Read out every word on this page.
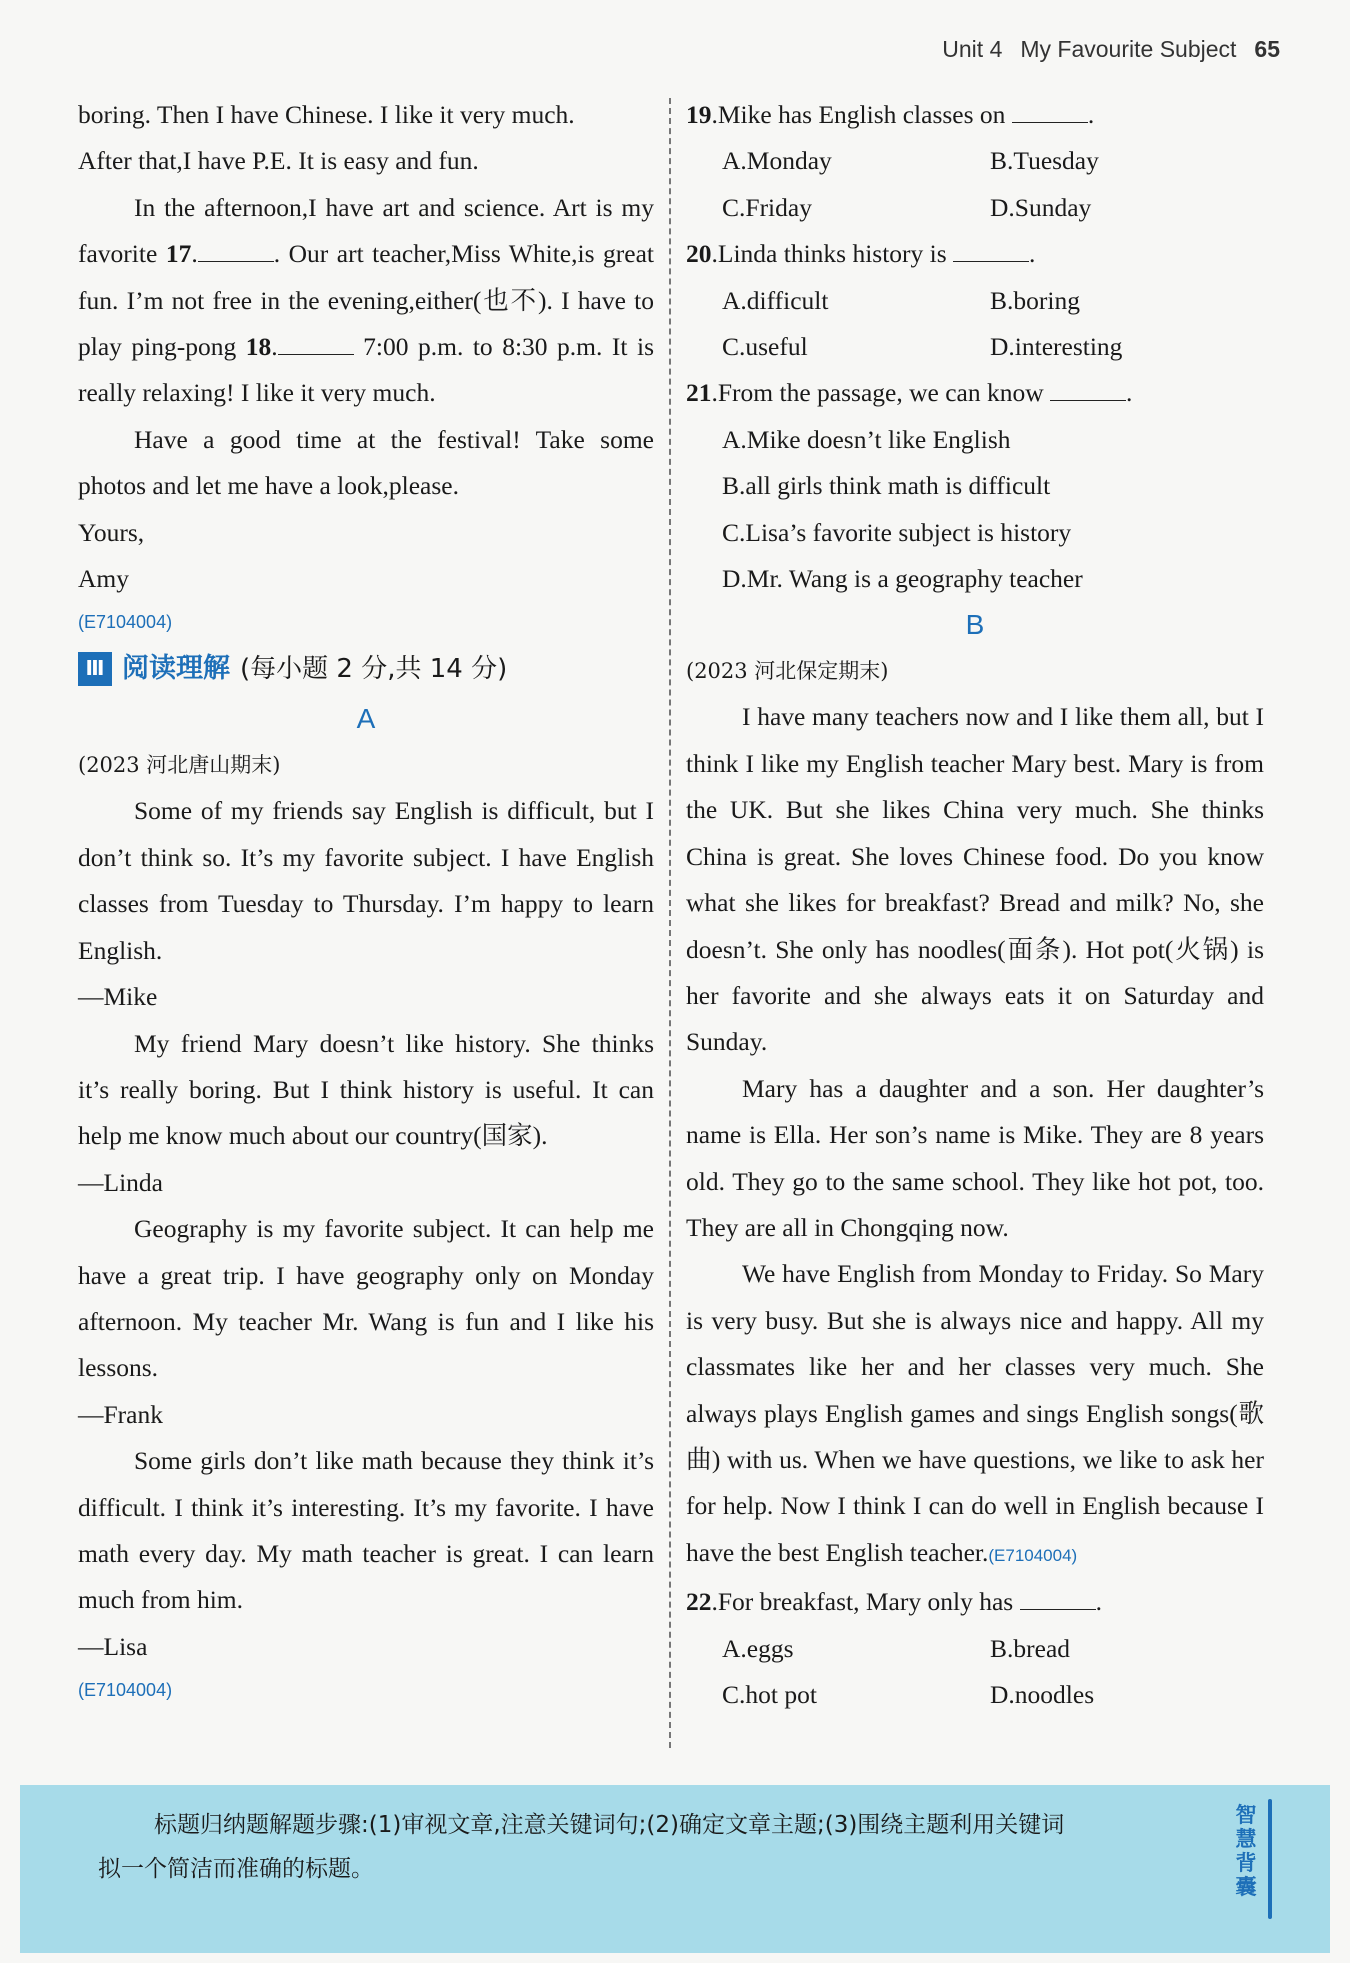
Unit 4 My Favourite Subject 65

boring. Then I have Chinese. I like it very much.

After that,I have P.E. It is easy and fun.

In the afternoon,I have art and science. Art is my favorite 17.	. Our art teacher,Miss White,is great fun. I’m not free in the evening,either(也不). I have to play ping-pong 18.	7:00 p.m. to 8:30 p.m. It is really relaxing! I like it very much.

Have a good time at the festival! Take some photos and let me have a look,please.

Yours,

Amy

(E7104004)
Ⅲ 阅读理解 (每小题 2 分,共 14 分)
A
(2023 河北唐山期末)

Some of my friends say English is difficult, but I don’t think so. It’s my favorite subject. I have English classes from Tuesday to Thursday. I’m happy to learn English.

—Mike

My friend Mary doesn’t like history. She thinks it’s really boring. But I think history is useful. It can help me know much about our country(国家).

—Linda

Geography is my favorite subject. It can help me have a great trip. I have geography only on Monday afternoon. My teacher Mr. Wang is fun and I like his lessons.

—Frank

Some girls don’t like math because they think it’s difficult. I think it’s interesting. It’s my favorite. I have math every day. My math teacher is great. I can learn much from him.

—Lisa

(E7104004)

19.Mike has English classes on	.

A.Monday	B.Tuesday
C.Friday	D.Sunday

20.Linda thinks history is	.

A.difficult	B.boring
C.useful	D.interesting

21.From the passage, we can know	.

A.Mike doesn’t like English
B.all girls think math is difficult
C.Lisa’s favorite subject is history
D.Mr. Wang is a geography teacher
B
(2023 河北保定期末)

I have many teachers now and I like them all, but I think I like my English teacher Mary best. Mary is from the UK. But she likes China very much. She thinks China is great. She loves Chinese food. Do you know what she likes for breakfast? Bread and milk? No, she doesn’t. She only has noodles(面条). Hot pot(火锅) is her favorite and she always eats it on Saturday and Sunday.

Mary has a daughter and a son. Her daughter’s name is Ella. Her son’s name is Mike. They are 8 years old. They go to the same school. They like hot pot, too. They are all in Chongqing now.

We have English from Monday to Friday. So Mary is very busy. But she is always nice and happy. All my classmates like her and her classes very much. She always plays English games and sings English songs(歌曲) with us. When we have questions, we like to ask her for help. Now I think I can do well in English because I have the best English teacher.(E7104004)

22.For breakfast, Mary only has	.

A.eggs	B.bread
C.hot pot	D.noodles
标题归纳题解题步骤:(1)审视文章,注意关键词句;(2)确定文章主题;(3)围绕主题利用关键词
拟一个简洁而准确的标题。
智慧背囊
